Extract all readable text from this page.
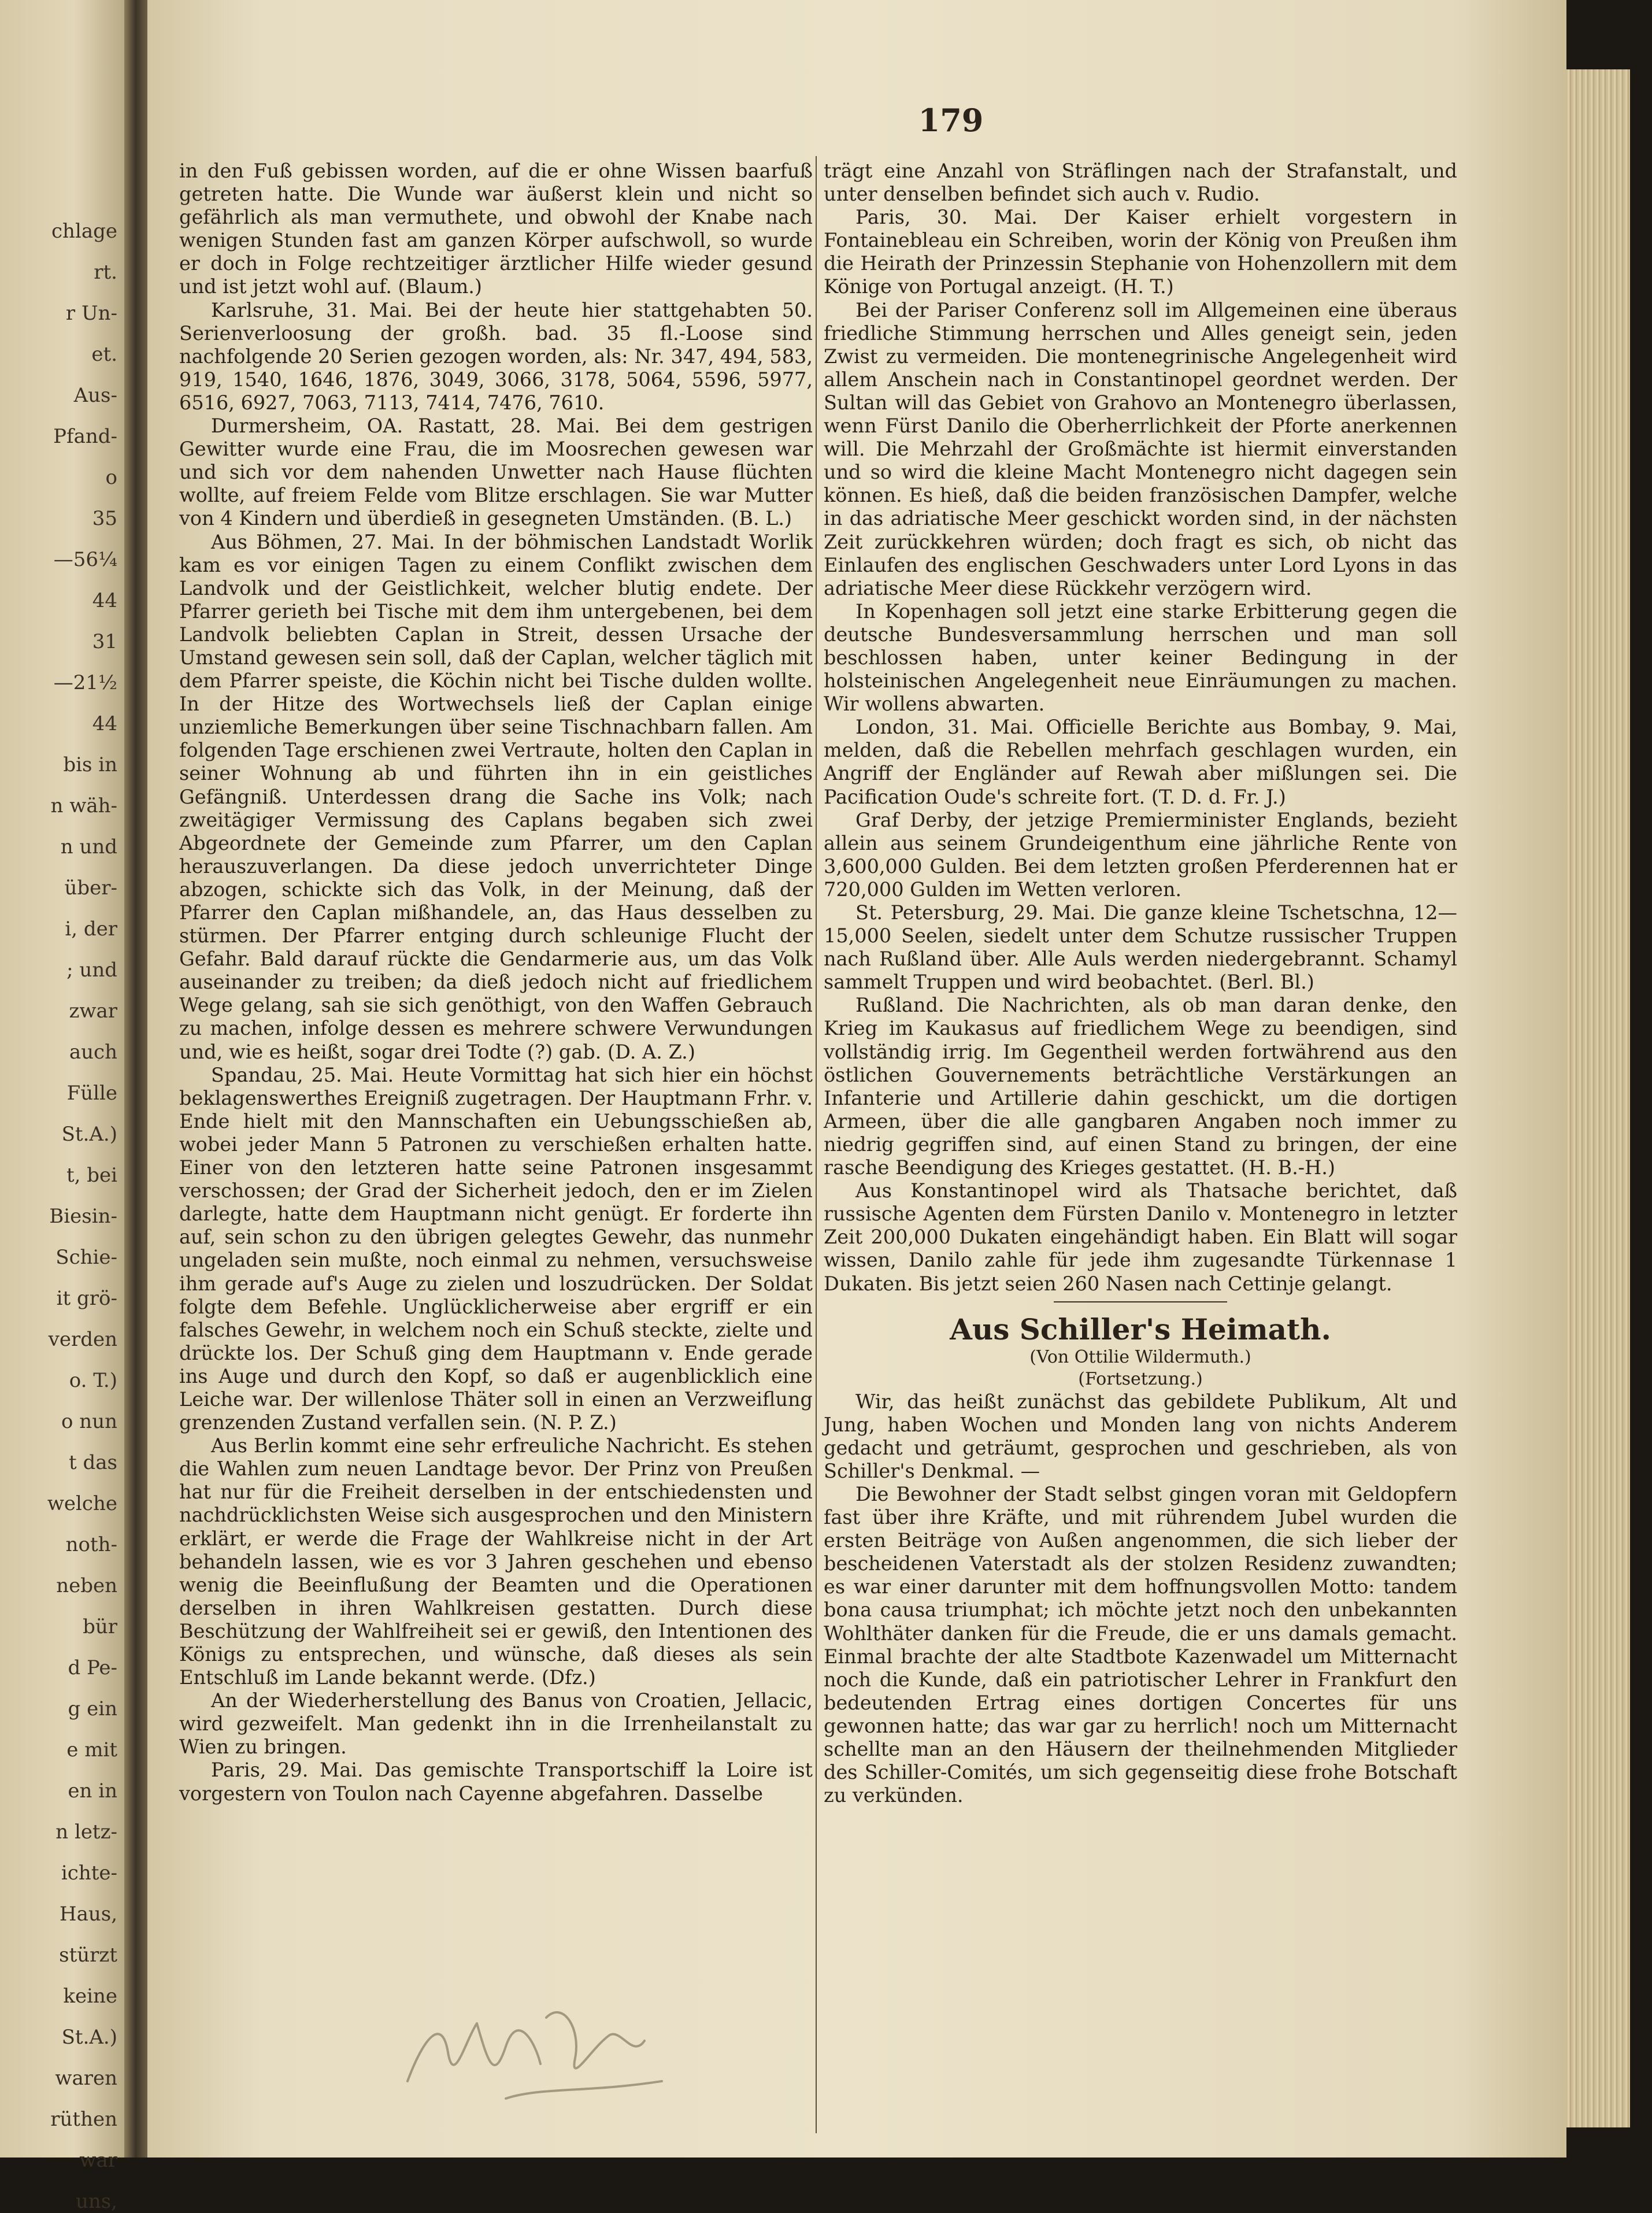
chlage
rt.
r Un-
et.
Aus-
Pfand-
o
35
—56¼
44
31
—21½
44
bis in
n wäh-
n und
über-
i, der
; und
zwar
auch
Fülle
St.A.)
t, bei
Biesin-
Schie-
it grö-
verden
o. T.)
o nun
t das
welche
noth-
neben
bür
d Pe-
g ein
e mit
en in
n letz-
ichte-
Haus,
stürzt
keine
St.A.)
waren
rüthen
war
uns,
179

in den Fuß gebissen worden, auf die er ohne Wissen baarfuß getreten hatte. Die Wunde war äußerst klein und nicht so gefährlich als man vermuthete, und obwohl der Knabe nach wenigen Stunden fast am ganzen Körper aufschwoll, so wurde er doch in Folge rechtzeitiger ärztlicher Hilfe wieder gesund und ist jetzt wohl auf. (Blaum.)

Karlsruhe, 31. Mai. Bei der heute hier stattgehabten 50. Serienverloosung der großh. bad. 35 fl.-Loose sind nachfolgende 20 Serien gezogen worden, als: Nr. 347, 494, 583, 919, 1540, 1646, 1876, 3049, 3066, 3178, 5064, 5596, 5977, 6516, 6927, 7063, 7113, 7414, 7476, 7610.

Durmersheim, OA. Rastatt, 28. Mai. Bei dem gestrigen Gewitter wurde eine Frau, die im Moosrechen gewesen war und sich vor dem nahenden Unwetter nach Hause flüchten wollte, auf freiem Felde vom Blitze erschlagen. Sie war Mutter von 4 Kindern und überdieß in gesegneten Umständen. (B. L.)

Aus Böhmen, 27. Mai. In der böhmischen Landstadt Worlik kam es vor einigen Tagen zu einem Conflikt zwischen dem Landvolk und der Geistlichkeit, welcher blutig endete. Der Pfarrer gerieth bei Tische mit dem ihm untergebenen, bei dem Landvolk beliebten Caplan in Streit, dessen Ursache der Umstand gewesen sein soll, daß der Caplan, welcher täglich mit dem Pfarrer speiste, die Köchin nicht bei Tische dulden wollte. In der Hitze des Wortwechsels ließ der Caplan einige unziemliche Bemerkungen über seine Tischnachbarn fallen. Am folgenden Tage erschienen zwei Vertraute, holten den Caplan in seiner Wohnung ab und führten ihn in ein geistliches Gefängniß. Unterdessen drang die Sache ins Volk; nach zweitägiger Vermissung des Caplans begaben sich zwei Abgeordnete der Gemeinde zum Pfarrer, um den Caplan herauszuverlangen. Da diese jedoch unverrichteter Dinge abzogen, schickte sich das Volk, in der Meinung, daß der Pfarrer den Caplan mißhandele, an, das Haus desselben zu stürmen. Der Pfarrer entging durch schleunige Flucht der Gefahr. Bald darauf rückte die Gendarmerie aus, um das Volk auseinander zu treiben; da dieß jedoch nicht auf friedlichem Wege gelang, sah sie sich genöthigt, von den Waffen Gebrauch zu machen, infolge dessen es mehrere schwere Verwundungen und, wie es heißt, sogar drei Todte (?) gab. (D. A. Z.)

Spandau, 25. Mai. Heute Vormittag hat sich hier ein höchst beklagenswerthes Ereigniß zugetragen. Der Hauptmann Frhr. v. Ende hielt mit den Mannschaften ein Uebungsschießen ab, wobei jeder Mann 5 Patronen zu verschießen erhalten hatte. Einer von den letzteren hatte seine Patronen insgesammt verschossen; der Grad der Sicherheit jedoch, den er im Zielen darlegte, hatte dem Hauptmann nicht genügt. Er forderte ihn auf, sein schon zu den übrigen gelegtes Gewehr, das nunmehr ungeladen sein mußte, noch einmal zu nehmen, versuchsweise ihm gerade auf's Auge zu zielen und loszudrücken. Der Soldat folgte dem Befehle. Unglücklicherweise aber ergriff er ein falsches Gewehr, in welchem noch ein Schuß steckte, zielte und drückte los. Der Schuß ging dem Hauptmann v. Ende gerade ins Auge und durch den Kopf, so daß er augenblicklich eine Leiche war. Der willenlose Thäter soll in einen an Verzweiflung grenzenden Zustand verfallen sein. (N. P. Z.)

Aus Berlin kommt eine sehr erfreuliche Nachricht. Es stehen die Wahlen zum neuen Landtage bevor. Der Prinz von Preußen hat nur für die Freiheit derselben in der entschiedensten und nachdrücklichsten Weise sich ausgesprochen und den Ministern erklärt, er werde die Frage der Wahlkreise nicht in der Art behandeln lassen, wie es vor 3 Jahren geschehen und ebenso wenig die Beeinflußung der Beamten und die Operationen derselben in ihren Wahlkreisen gestatten. Durch diese Beschützung der Wahlfreiheit sei er gewiß, den Intentionen des Königs zu entsprechen, und wünsche, daß dieses als sein Entschluß im Lande bekannt werde. (Dfz.)

An der Wiederherstellung des Banus von Croatien, Jellacic, wird gezweifelt. Man gedenkt ihn in die Irrenheilanstalt zu Wien zu bringen.

Paris, 29. Mai. Das gemischte Transportschiff la Loire ist vorgestern von Toulon nach Cayenne abgefahren. Dasselbe

trägt eine Anzahl von Sträflingen nach der Strafanstalt, und unter denselben befindet sich auch v. Rudio.

Paris, 30. Mai. Der Kaiser erhielt vorgestern in Fontainebleau ein Schreiben, worin der König von Preußen ihm die Heirath der Prinzessin Stephanie von Hohenzollern mit dem Könige von Portugal anzeigt. (H. T.)

Bei der Pariser Conferenz soll im Allgemeinen eine überaus friedliche Stimmung herrschen und Alles geneigt sein, jeden Zwist zu vermeiden. Die montenegrinische Angelegenheit wird allem Anschein nach in Constantinopel geordnet werden. Der Sultan will das Gebiet von Grahovo an Montenegro überlassen, wenn Fürst Danilo die Oberherrlichkeit der Pforte anerkennen will. Die Mehrzahl der Großmächte ist hiermit einverstanden und so wird die kleine Macht Montenegro nicht dagegen sein können. Es hieß, daß die beiden französischen Dampfer, welche in das adriatische Meer geschickt worden sind, in der nächsten Zeit zurückkehren würden; doch fragt es sich, ob nicht das Einlaufen des englischen Geschwaders unter Lord Lyons in das adriatische Meer diese Rückkehr verzögern wird.

In Kopenhagen soll jetzt eine starke Erbitterung gegen die deutsche Bundesversammlung herrschen und man soll beschlossen haben, unter keiner Bedingung in der holsteinischen Angelegenheit neue Einräumungen zu machen. Wir wollens abwarten.

London, 31. Mai. Officielle Berichte aus Bombay, 9. Mai, melden, daß die Rebellen mehrfach geschlagen wurden, ein Angriff der Engländer auf Rewah aber mißlungen sei. Die Pacification Oude's schreite fort. (T. D. d. Fr. J.)

Graf Derby, der jetzige Premierminister Englands, bezieht allein aus seinem Grundeigenthum eine jährliche Rente von 3,600,000 Gulden. Bei dem letzten großen Pferderennen hat er 720,000 Gulden im Wetten verloren.

St. Petersburg, 29. Mai. Die ganze kleine Tschetschna, 12—15,000 Seelen, siedelt unter dem Schutze russischer Truppen nach Rußland über. Alle Auls werden niedergebrannt. Schamyl sammelt Truppen und wird beobachtet. (Berl. Bl.)

Rußland. Die Nachrichten, als ob man daran denke, den Krieg im Kaukasus auf friedlichem Wege zu beendigen, sind vollständig irrig. Im Gegentheil werden fortwährend aus den östlichen Gouvernements beträchtliche Verstärkungen an Infanterie und Artillerie dahin geschickt, um die dortigen Armeen, über die alle gangbaren Angaben noch immer zu niedrig gegriffen sind, auf einen Stand zu bringen, der eine rasche Beendigung des Krieges gestattet. (H. B.-H.)

Aus Konstantinopel wird als Thatsache berichtet, daß russische Agenten dem Fürsten Danilo v. Montenegro in letzter Zeit 200,000 Dukaten eingehändigt haben. Ein Blatt will sogar wissen, Danilo zahle für jede ihm zugesandte Türkennase 1 Dukaten. Bis jetzt seien 260 Nasen nach Cettinje gelangt.

Aus Schiller's Heimath.
(Von Ottilie Wildermuth.)
(Fortsetzung.)

Wir, das heißt zunächst das gebildete Publikum, Alt und Jung, haben Wochen und Monden lang von nichts Anderem gedacht und geträumt, gesprochen und geschrieben, als von Schiller's Denkmal. —

Die Bewohner der Stadt selbst gingen voran mit Geldopfern fast über ihre Kräfte, und mit rührendem Jubel wurden die ersten Beiträge von Außen angenommen, die sich lieber der bescheidenen Vaterstadt als der stolzen Residenz zuwandten; es war einer darunter mit dem hoffnungsvollen Motto: tandem bona causa triumphat; ich möchte jetzt noch den unbekannten Wohlthäter danken für die Freude, die er uns damals gemacht. Einmal brachte der alte Stadtbote Kazenwadel um Mitternacht noch die Kunde, daß ein patriotischer Lehrer in Frankfurt den bedeutenden Ertrag eines dortigen Concertes für uns gewonnen hatte; das war gar zu herrlich! noch um Mitternacht schellte man an den Häusern der theilnehmenden Mitglieder des Schiller-Comités, um sich gegenseitig diese frohe Botschaft zu verkünden.
